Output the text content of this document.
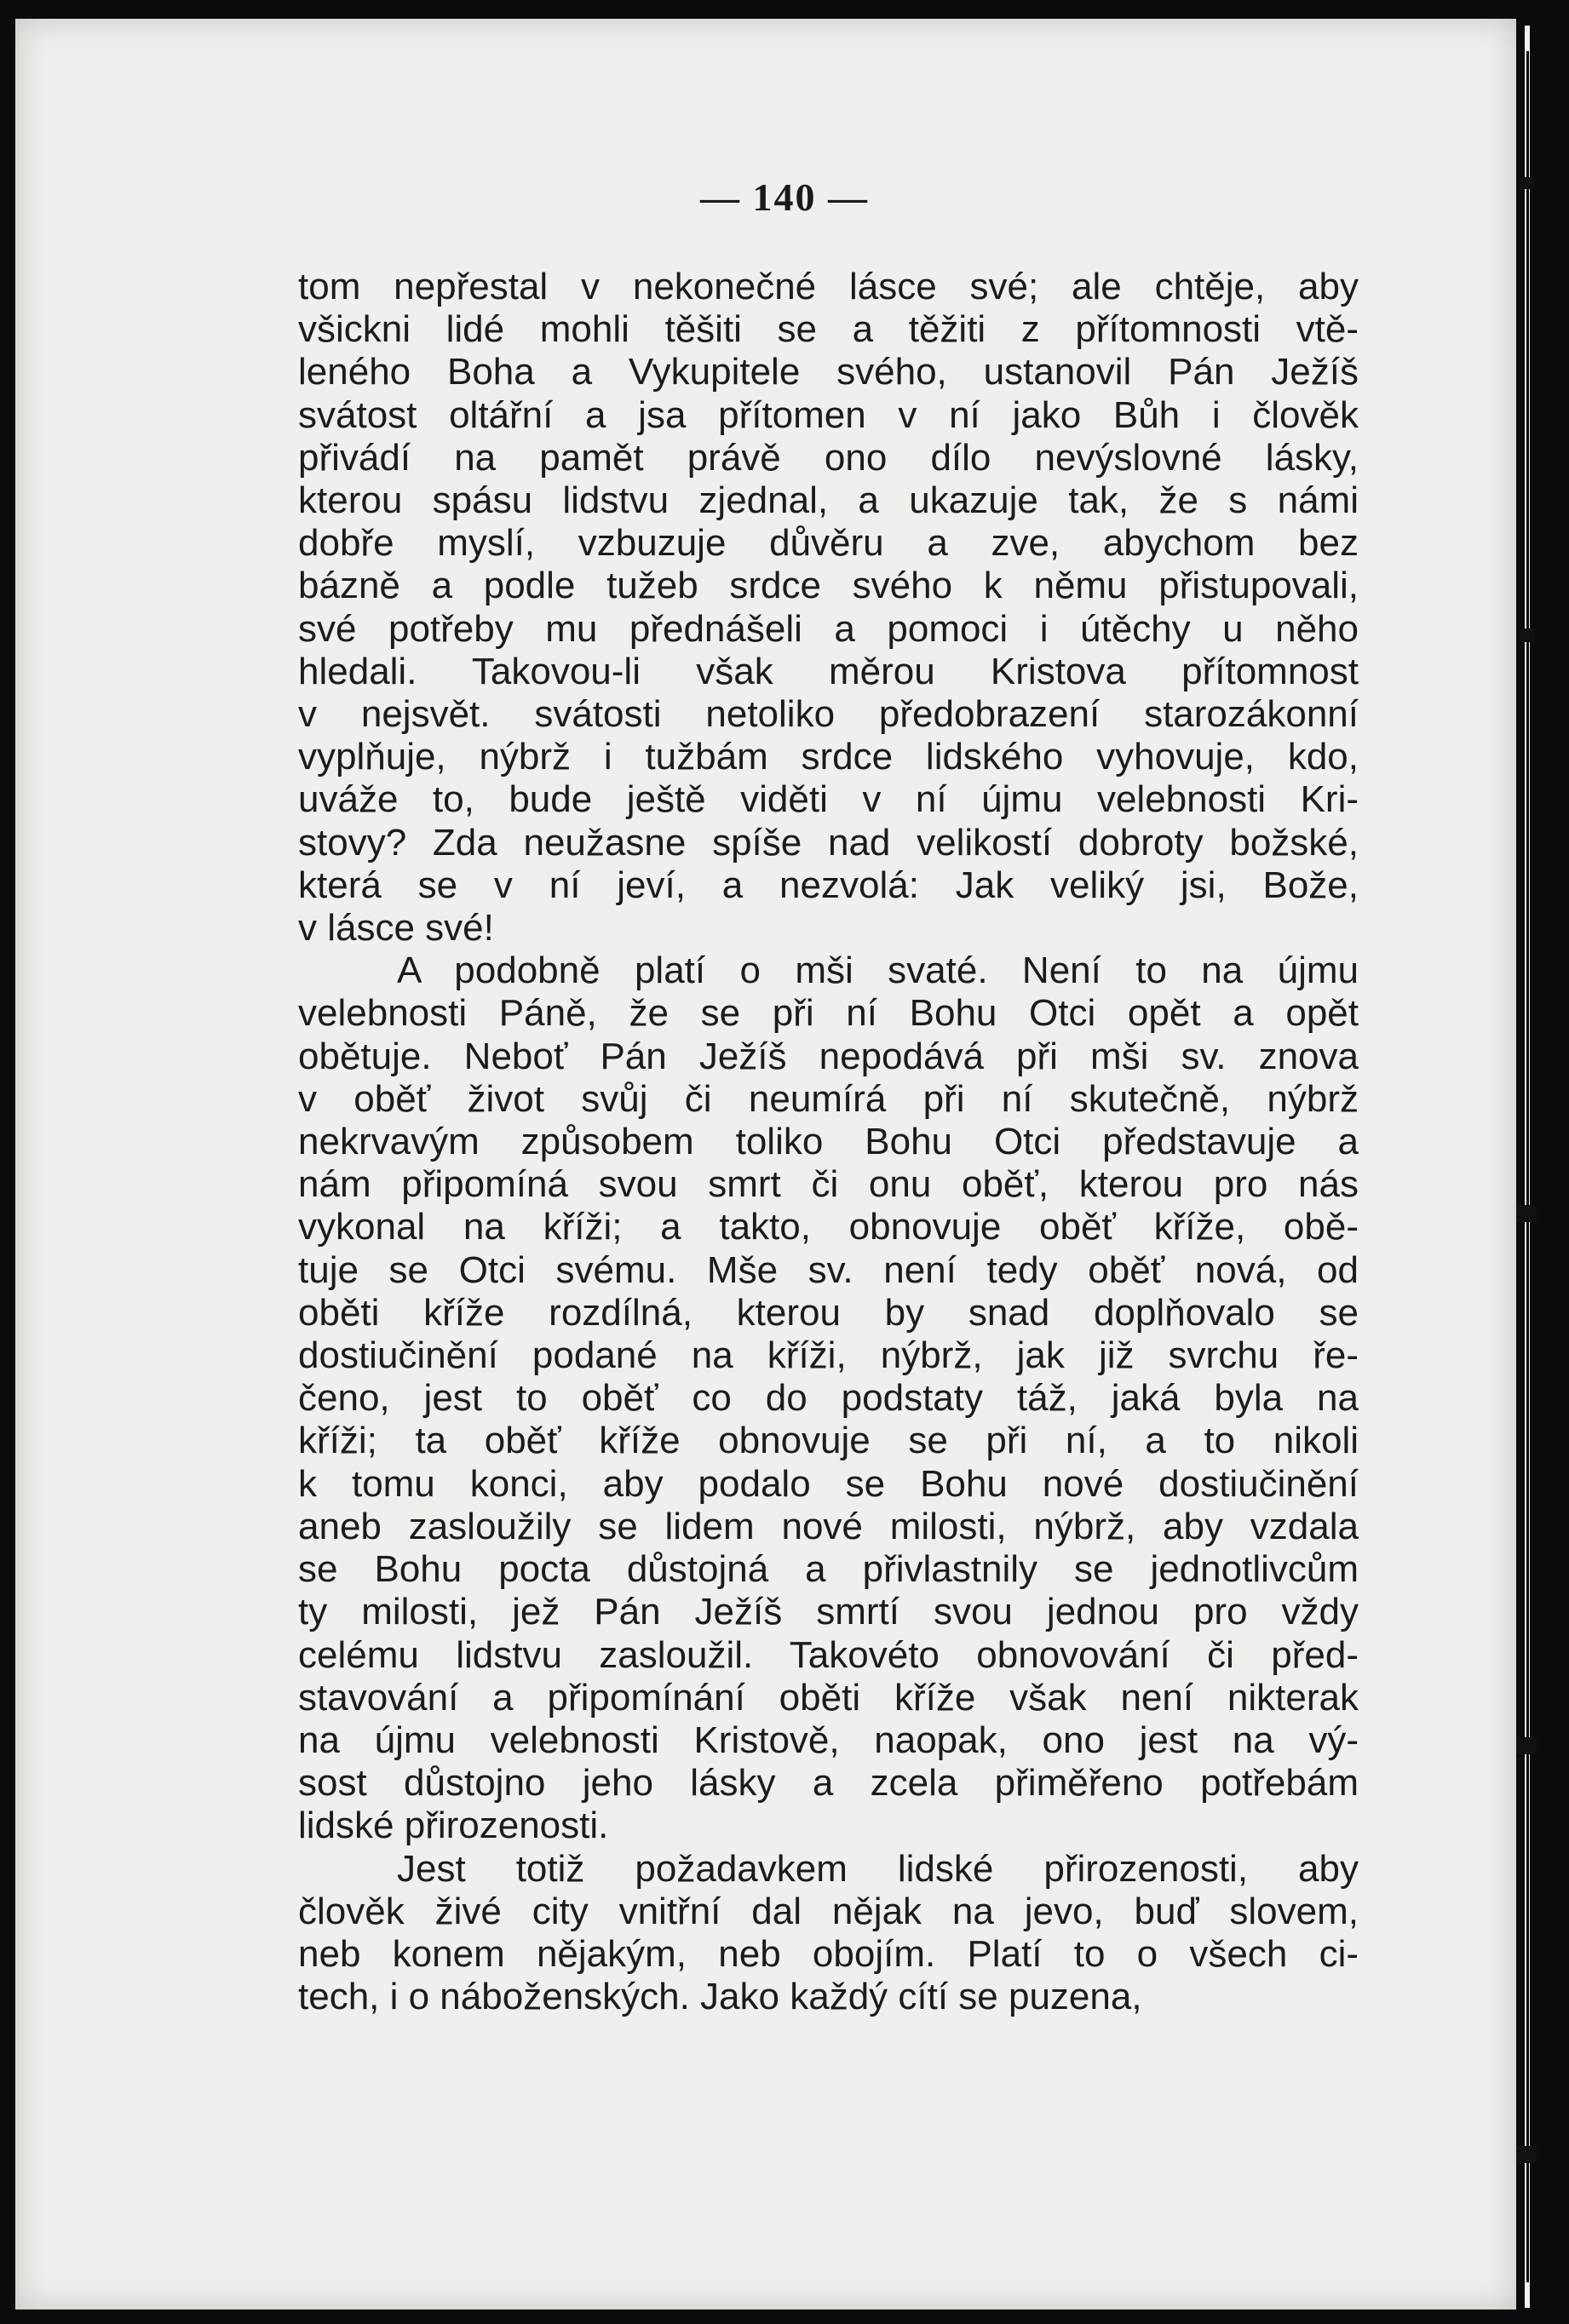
— 140 —
tom nepřestal v nekonečné lásce své; ale chtěje, aby
všickni lidé mohli těšiti se a těžiti z přítomnosti vtě-
leného Boha a Vykupitele svého, ustanovil Pán Ježíš
svátost oltářní a jsa přítomen v ní jako Bůh i člověk
přivádí na pamět právě ono dílo nevýslovné lásky,
kterou spásu lidstvu zjednal, a ukazuje tak, že s námi
dobře myslí, vzbuzuje důvěru a zve, abychom bez
bázně a podle tužeb srdce svého k němu přistupovali,
své potřeby mu přednášeli a pomoci i útěchy u něho
hledali. Takovou-li však měrou Kristova přítomnost
v nejsvět. svátosti netoliko předobrazení starozákonní
vyplňuje, nýbrž i tužbám srdce lidského vyhovuje, kdo,
uváže to, bude ještě viděti v ní újmu velebnosti Kri-
stovy? Zda neužasne spíše nad velikostí dobroty božské,
která se v ní jeví, a nezvolá: Jak veliký jsi, Bože,
v lásce své!
A podobně platí o mši svaté. Není to na újmu
velebnosti Páně, že se při ní Bohu Otci opět a opět
obětuje. Neboť Pán Ježíš nepodává při mši sv. znova
v oběť život svůj či neumírá při ní skutečně, nýbrž
nekrvavým způsobem toliko Bohu Otci představuje a
nám připomíná svou smrt či onu oběť, kterou pro nás
vykonal na kříži; a takto, obnovuje oběť kříže, obě-
tuje se Otci svému. Mše sv. není tedy oběť nová, od
oběti kříže rozdílná, kterou by snad doplňovalo se
dostiučinění podané na kříži, nýbrž, jak již svrchu ře-
čeno, jest to oběť co do podstaty táž, jaká byla na
kříži; ta oběť kříže obnovuje se při ní, a to nikoli
k tomu konci, aby podalo se Bohu nové dostiučinění
aneb zasloužily se lidem nové milosti, nýbrž, aby vzdala
se Bohu pocta důstojná a přivlastnily se jednotlivcům
ty milosti, jež Pán Ježíš smrtí svou jednou pro vždy
celému lidstvu zasloužil. Takovéto obnovování či před-
stavování a připomínání oběti kříže však není nikterak
na újmu velebnosti Kristově, naopak, ono jest na vý-
sost důstojno jeho lásky a zcela přiměřeno potřebám
lidské přirozenosti.
Jest totiž požadavkem lidské přirozenosti, aby
člověk živé city vnitřní dal nějak na jevo, buď slovem,
neb konem nějakým, neb obojím. Platí to o všech ci-
tech, i o náboženských. Jako každý cítí se puzena,
